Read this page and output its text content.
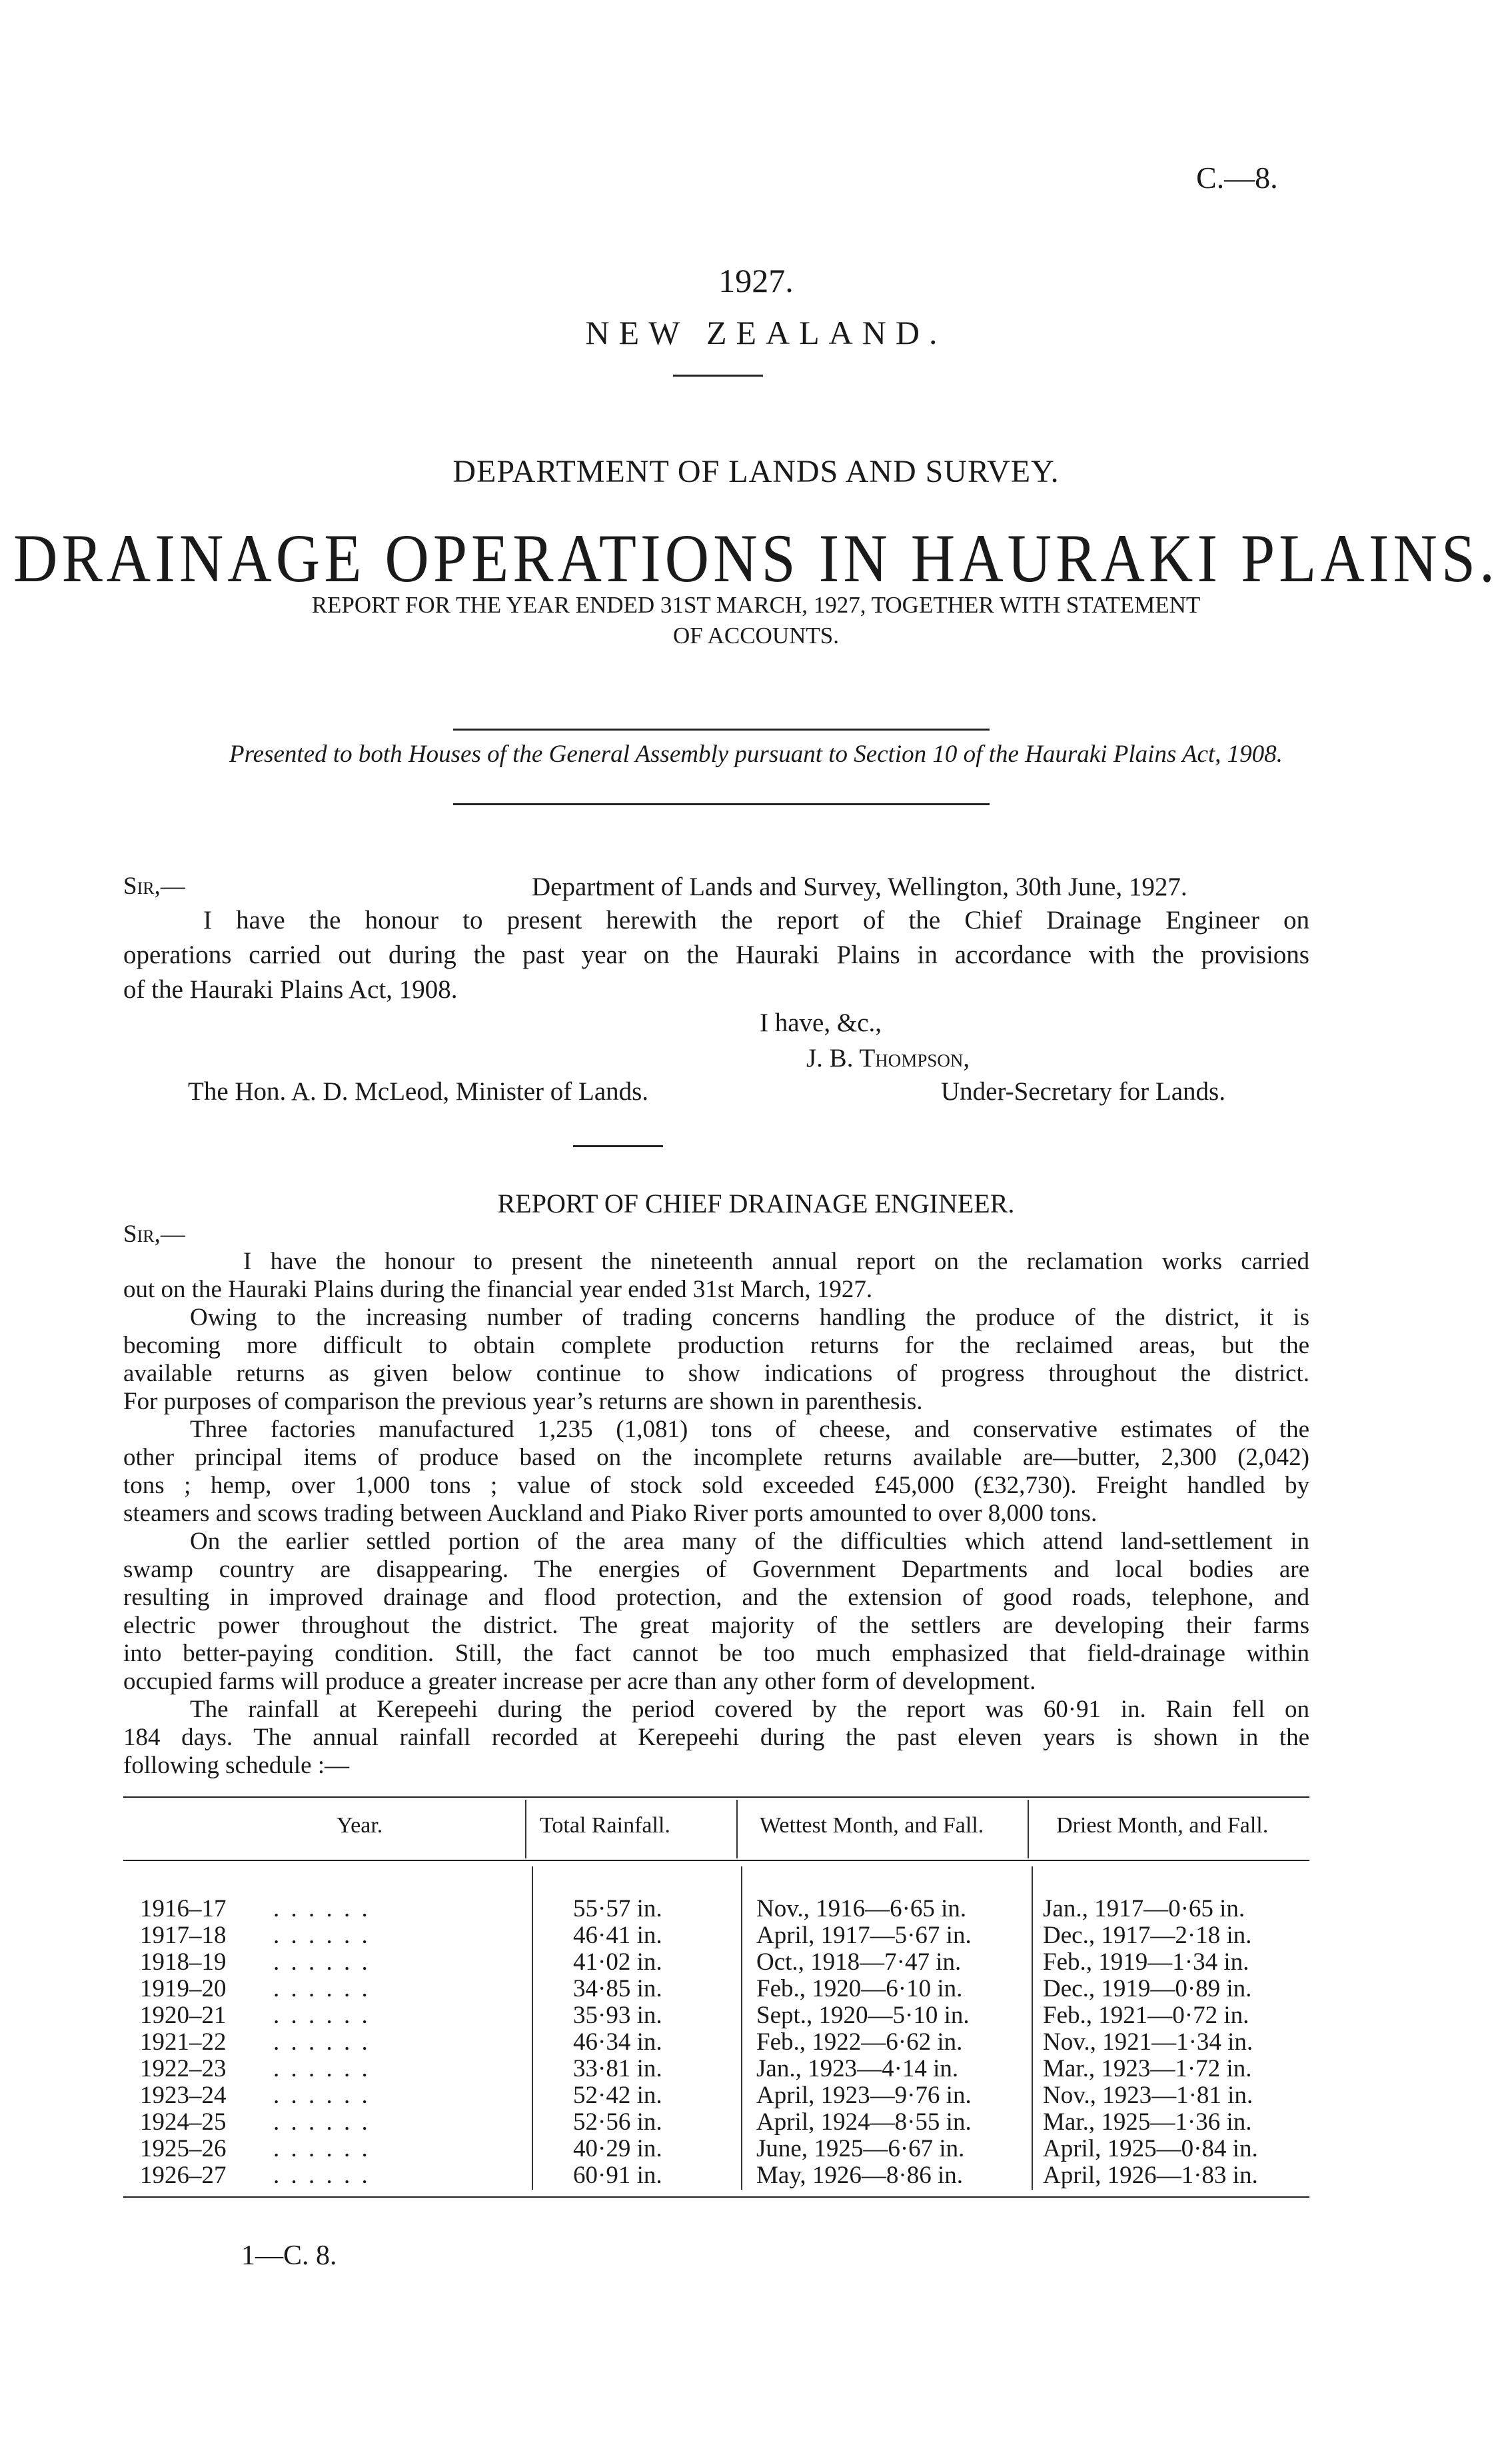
C.—8.
1927.
NEW ZEALAND.
DEPARTMENT OF LANDS AND SURVEY.
DRAINAGE OPERATIONS IN HAURAKI PLAINS.
REPORT FOR THE YEAR ENDED 31ST MARCH, 1927, TOGETHER WITH STATEMENT
OF ACCOUNTS.
Presented to both Houses of the General Assembly pursuant to Section 10 of the Hauraki Plains Act, 1908.
Sir,—	Department of Lands and Survey, Wellington, 30th June, 1927.
I have the honour to present herewith the report of the Chief Drainage Engineer on
operations carried out during the past year on the Hauraki Plains in accordance with the provisions
of the Hauraki Plains Act, 1908.
I have, &c.,
J. B. Thompson,
The Hon. A. D. McLeod, Minister of Lands.	Under-Secretary for Lands.
REPORT OF CHIEF DRAINAGE ENGINEER.
Sir,—
I have the honour to present the nineteenth annual report on the reclamation works carried
out on the Hauraki Plains during the financial year ended 31st March, 1927.
Owing to the increasing number of trading concerns handling the produce of the district, it is
becoming more difficult to obtain complete production returns for the reclaimed areas, but the
available returns as given below continue to show indications of progress throughout the district.
For purposes of comparison the previous year’s returns are shown in parenthesis.
Three factories manufactured 1,235 (1,081) tons of cheese, and conservative estimates of the
other principal items of produce based on the incomplete returns available are—butter, 2,300 (2,042)
tons ; hemp, over 1,000 tons ; value of stock sold exceeded £45,000 (£32,730). Freight handled by
steamers and scows trading between Auckland and Piako River ports amounted to over 8,000 tons.
On the earlier settled portion of the area many of the difficulties which attend land-settlement in
swamp country are disappearing. The energies of Government Departments and local bodies are
resulting in improved drainage and flood protection, and the extension of good roads, telephone, and
electric power throughout the district. The great majority of the settlers are developing their farms
into better-paying condition. Still, the fact cannot be too much emphasized that field-drainage within
occupied farms will produce a greater increase per acre than any other form of development.
The rainfall at Kerepeehi during the period covered by the report was 60·91 in. Rain fell on
184 days. The annual rainfall recorded at Kerepeehi during the past eleven years is shown in the
following schedule :—
Year.	Total Rainfall.	Wettest Month, and Fall.	Driest Month, and Fall.
1916–17 . . . . . .	55·57 in.	Nov., 1916—6·65 in.	Jan., 1917—0·65 in.
1917–18 . . . . . .	46·41 in.	April, 1917—5·67 in.	Dec., 1917—2·18 in.
1918–19 . . . . . .	41·02 in.	Oct., 1918—7·47 in.	Feb., 1919—1·34 in.
1919–20 . . . . . .	34·85 in.	Feb., 1920—6·10 in.	Dec., 1919—0·89 in.
1920–21 . . . . . .	35·93 in.	Sept., 1920—5·10 in.	Feb., 1921—0·72 in.
1921–22 . . . . . .	46·34 in.	Feb., 1922—6·62 in.	Nov., 1921—1·34 in.
1922–23 . . . . . .	33·81 in.	Jan., 1923—4·14 in.	Mar., 1923—1·72 in.
1923–24 . . . . . .	52·42 in.	April, 1923—9·76 in.	Nov., 1923—1·81 in.
1924–25 . . . . . .	52·56 in.	April, 1924—8·55 in.	Mar., 1925—1·36 in.
1925–26 . . . . . .	40·29 in.	June, 1925—6·67 in.	April, 1925—0·84 in.
1926–27 . . . . . .	60·91 in.	May, 1926—8·86 in.	April, 1926—1·83 in.
1—C. 8.
